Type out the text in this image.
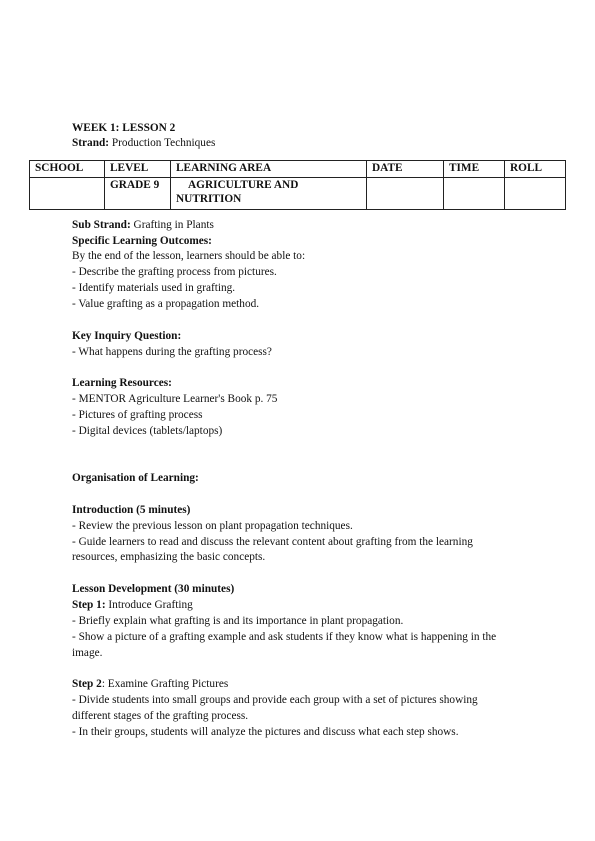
WEEK 1: LESSON 2
Strand: Production Techniques
SCHOOL	LEVEL	LEARNING AREA	DATE	TIME	ROLL
	GRADE 9	AGRICULTURE AND
NUTRITION			
Sub Strand: Grafting in Plants
Specific Learning Outcomes:
By the end of the lesson, learners should be able to:
- Describe the grafting process from pictures.
- Identify materials used in grafting.
- Value grafting as a propagation method.
Key Inquiry Question:
- What happens during the grafting process?
Learning Resources:
- MENTOR Agriculture Learner's Book p. 75
- Pictures of grafting process
- Digital devices (tablets/laptops)
Organisation of Learning:
Introduction (5 minutes)
- Review the previous lesson on plant propagation techniques.
- Guide learners to read and discuss the relevant content about grafting from the learning
resources, emphasizing the basic concepts.
Lesson Development (30 minutes)
Step 1: Introduce Grafting
- Briefly explain what grafting is and its importance in plant propagation.
- Show a picture of a grafting example and ask students if they know what is happening in the
image.
Step 2: Examine Grafting Pictures
- Divide students into small groups and provide each group with a set of pictures showing
different stages of the grafting process.
- In their groups, students will analyze the pictures and discuss what each step shows.
